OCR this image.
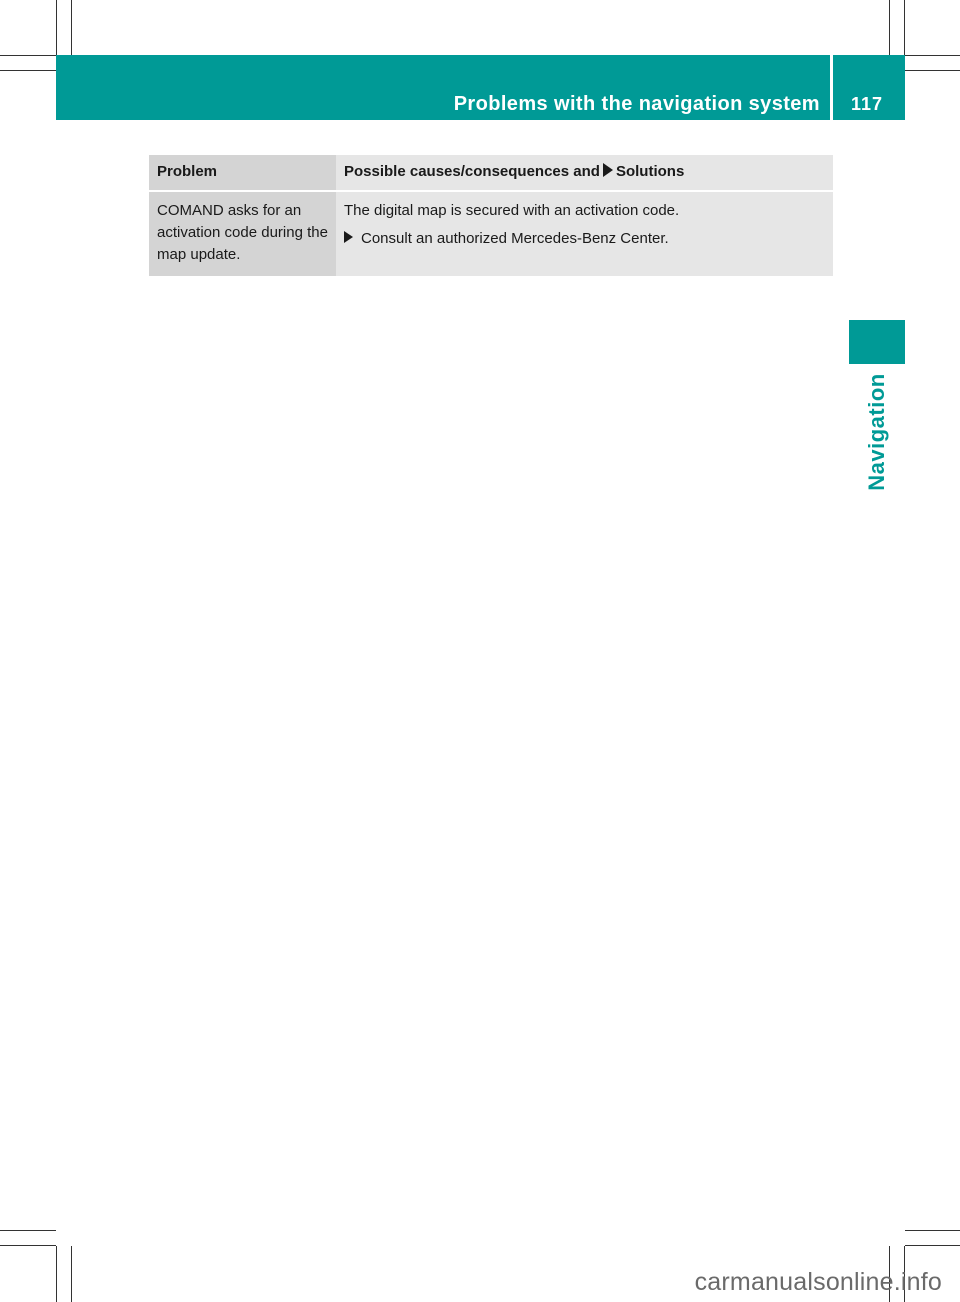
Problems with the navigation system	117
Navigation
Problem	Possible causes/consequences and Solutions
COMAND asks for an activation code during the map update.	The digital map is secured with an activation code.
Consult an authorized Mercedes-Benz Center.
carmanualsonline.info
